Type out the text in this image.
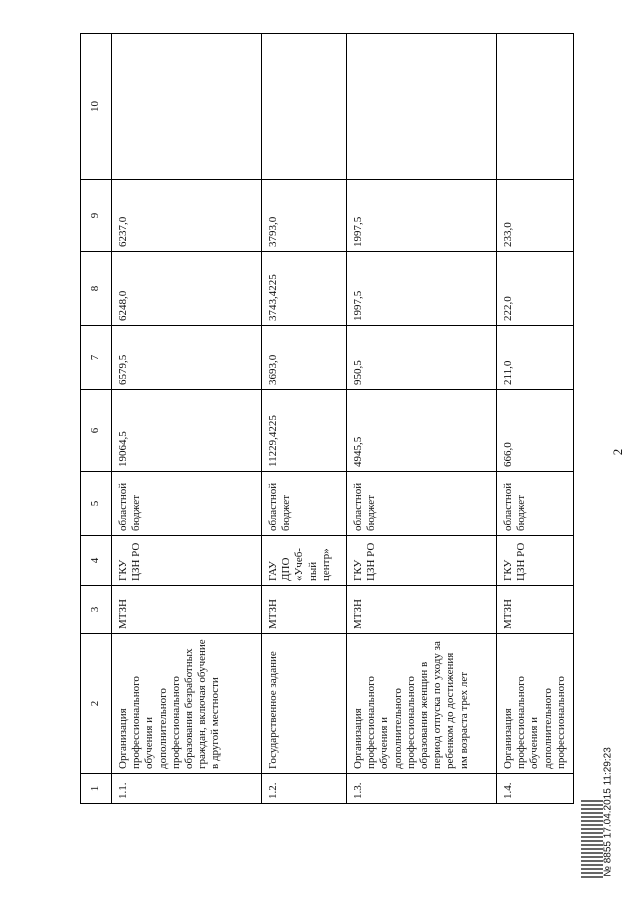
2
1	2	3	4	5	6	7	8	9	10
1.1.	Организация профессионального обучения и дополнительного профессионального образования безработных граждан, включая обучение в другой местности	МТЗН	ГКУ ЦЗН РО	областной бюджет	19064,5	6579,5	6248,0	6237,0	
1.2.	Государственное задание	МТЗН	ГАУ ДПО «Учеб-ный центр»	областной бюджет	11229,4225	3693,0	3743,4225	3793,0	
1.3.	Организация профессионального обучения и дополнительного профессионального образования женщин в период отпуска по уходу за ребенком до достижения им возраста трех лет	МТЗН	ГКУ ЦЗН РО	областной бюджет	4945,5	950,5	1997,5	1997,5	
1.4.	Организация профессионального обучения и дополнительного профессионального	МТЗН	ГКУ ЦЗН РО	областной бюджет	666,0	211,0	222,0	233,0	
№ 8855 17.04.2015 11:29:23
